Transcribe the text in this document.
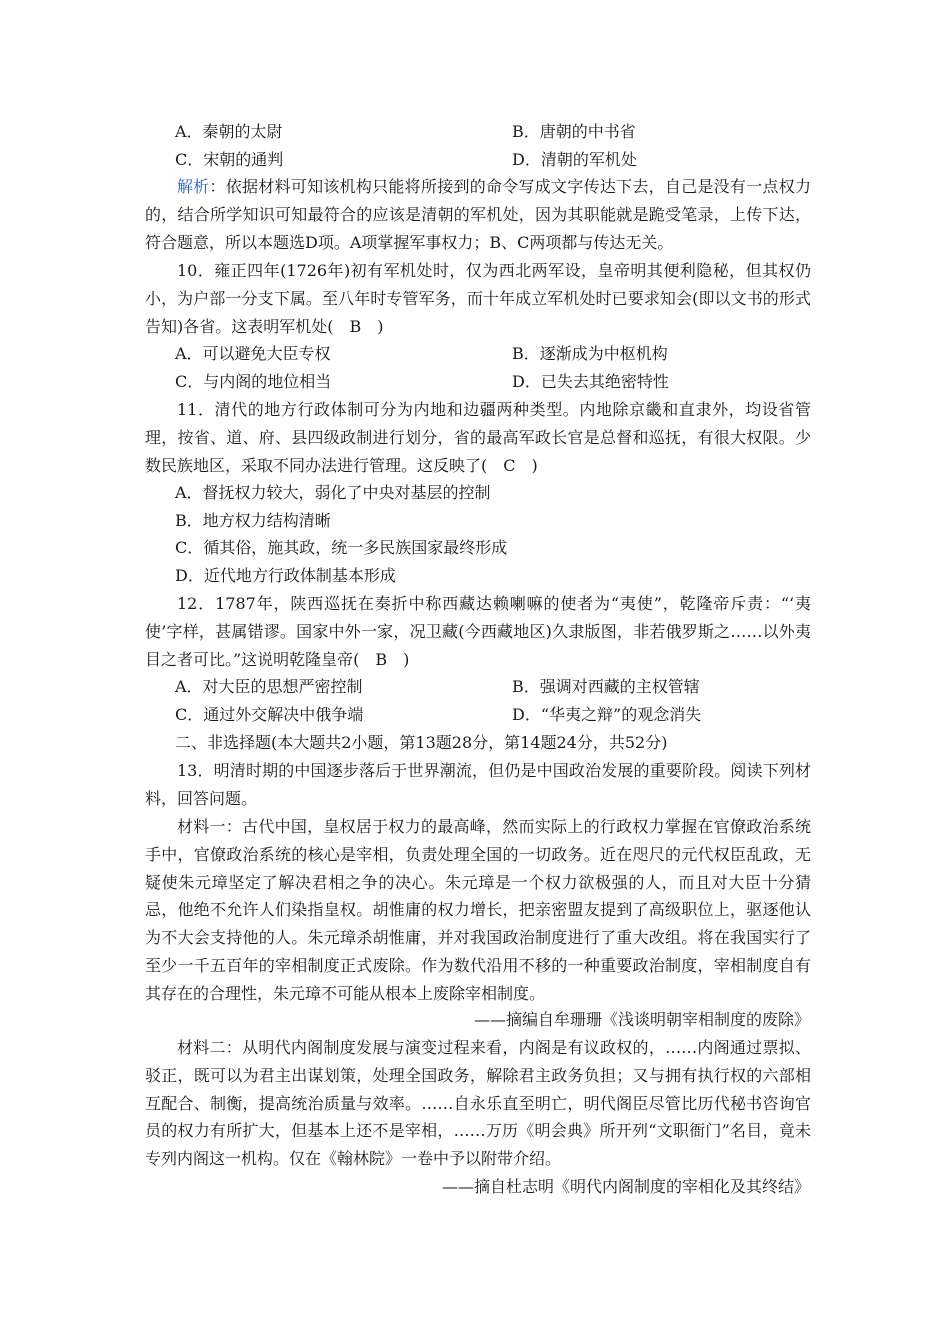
A．秦朝的太尉	B．唐朝的中书省
C．宋朝的通判	D．清朝的军机处
解析：依据材料可知该机构只能将所接到的命令写成文字传达下去，自己是没有一点权力的，结合所学知识可知最符合的应该是清朝的军机处，因为其职能就是跪受笔录，上传下达，符合题意，所以本题选D项。A项掌握军事权力；B、C两项都与传达无关。
10．雍正四年(1726年)初有军机处时，仅为西北两军设，皇帝明其便利隐秘，但其权仍小，为户部一分支下属。至八年时专管军务，而十年成立军机处时已要求知会(即以文书的形式告知)各省。这表明军机处(　B　)
A．可以避免大臣专权	B．逐渐成为中枢机构
C．与内阁的地位相当	D．已失去其绝密特性
11．清代的地方行政体制可分为内地和边疆两种类型。内地除京畿和直隶外，均设省管理，按省、道、府、县四级政制进行划分，省的最高军政长官是总督和巡抚，有很大权限。少数民族地区，采取不同办法进行管理。这反映了(　C　)
A．督抚权力较大，弱化了中央对基层的控制
B．地方权力结构清晰
C．循其俗，施其政，统一多民族国家最终形成
D．近代地方行政体制基本形成
12．1787年，陕西巡抚在奏折中称西藏达赖喇嘛的使者为“夷使”，乾隆帝斥责：“‘夷使’字样，甚属错谬。国家中外一家，况卫藏(今西藏地区)久隶版图，非若俄罗斯之……以外夷目之者可比。”这说明乾隆皇帝(　B　)
A．对大臣的思想严密控制	B．强调对西藏的主权管辖
C．通过外交解决中俄争端	D．“华夷之辩”的观念消失
二、非选择题(本大题共2小题，第13题28分，第14题24分，共52分)
13．明清时期的中国逐步落后于世界潮流，但仍是中国政治发展的重要阶段。阅读下列材料，回答问题。
材料一：古代中国，皇权居于权力的最高峰，然而实际上的行政权力掌握在官僚政治系统手中，官僚政治系统的核心是宰相，负责处理全国的一切政务。近在咫尺的元代权臣乱政，无疑使朱元璋坚定了解决君相之争的决心。朱元璋是一个权力欲极强的人，而且对大臣十分猜忌，他绝不允许人们染指皇权。胡惟庸的权力增长，把亲密盟友提到了高级职位上，驱逐他认为不大会支持他的人。朱元璋杀胡惟庸，并对我国政治制度进行了重大改组。将在我国实行了至少一千五百年的宰相制度正式废除。作为数代沿用不移的一种重要政治制度，宰相制度自有其存在的合理性，朱元璋不可能从根本上废除宰相制度。
——摘编自牟珊珊《浅谈明朝宰相制度的废除》
材料二：从明代内阁制度发展与演变过程来看，内阁是有议政权的，……内阁通过票拟、驳正，既可以为君主出谋划策，处理全国政务，解除君主政务负担；又与拥有执行权的六部相互配合、制衡，提高统治质量与效率。……自永乐直至明亡，明代阁臣尽管比历代秘书咨询官员的权力有所扩大，但基本上还不是宰相，……万历《明会典》所开列“文职衙门”名目，竟未专列内阁这一机构。仅在《翰林院》一卷中予以附带介绍。
——摘自杜志明《明代内阁制度的宰相化及其终结》
